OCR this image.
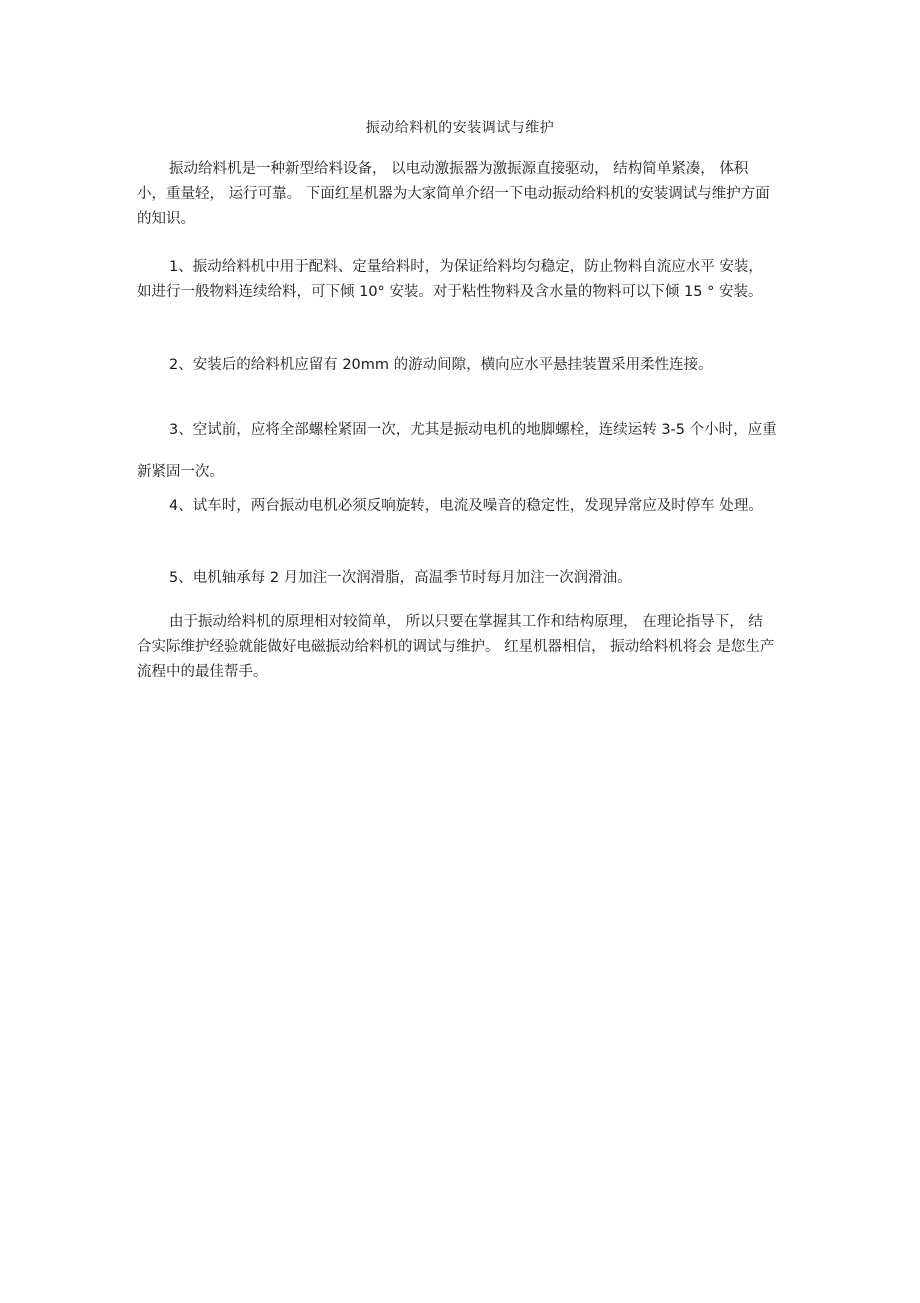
振动给料机的安装调试与维护

振动给料机是一种新型给料设备， 以电动激振器为激振源直接驱动， 结构简单紧凑， 体积小，重量轻， 运行可靠。 下面红星机器为大家简单介绍一下电动振动给料机的安装调试与维护方面的知识。

1、振动给料机中用于配料、定量给料时，为保证给料均匀稳定，防止物料自流应水平 安装，如进行一般物料连续给料，可下倾 10° 安装。对于粘性物料及含水量的物料可以下倾 15 ° 安装。

2、安装后的给料机应留有 20mm 的游动间隙，横向应水平悬挂装置采用柔性连接。

3、空试前，应将全部螺栓紧固一次，尤其是振动电机的地脚螺栓，连续运转 3-5 个小时，应重新紧固一次。

4、试车时，两台振动电机必须反响旋转，电流及噪音的稳定性，发现异常应及时停车 处理。

5、电机轴承每 2 月加注一次润滑脂，高温季节时每月加注一次润滑油。

由于振动给料机的原理相对较简单， 所以只要在掌握其工作和结构原理， 在理论指导下， 结合实际维护经验就能做好电磁振动给料机的调试与维护。 红星机器相信， 振动给料机将会 是您生产流程中的最佳帮手。
